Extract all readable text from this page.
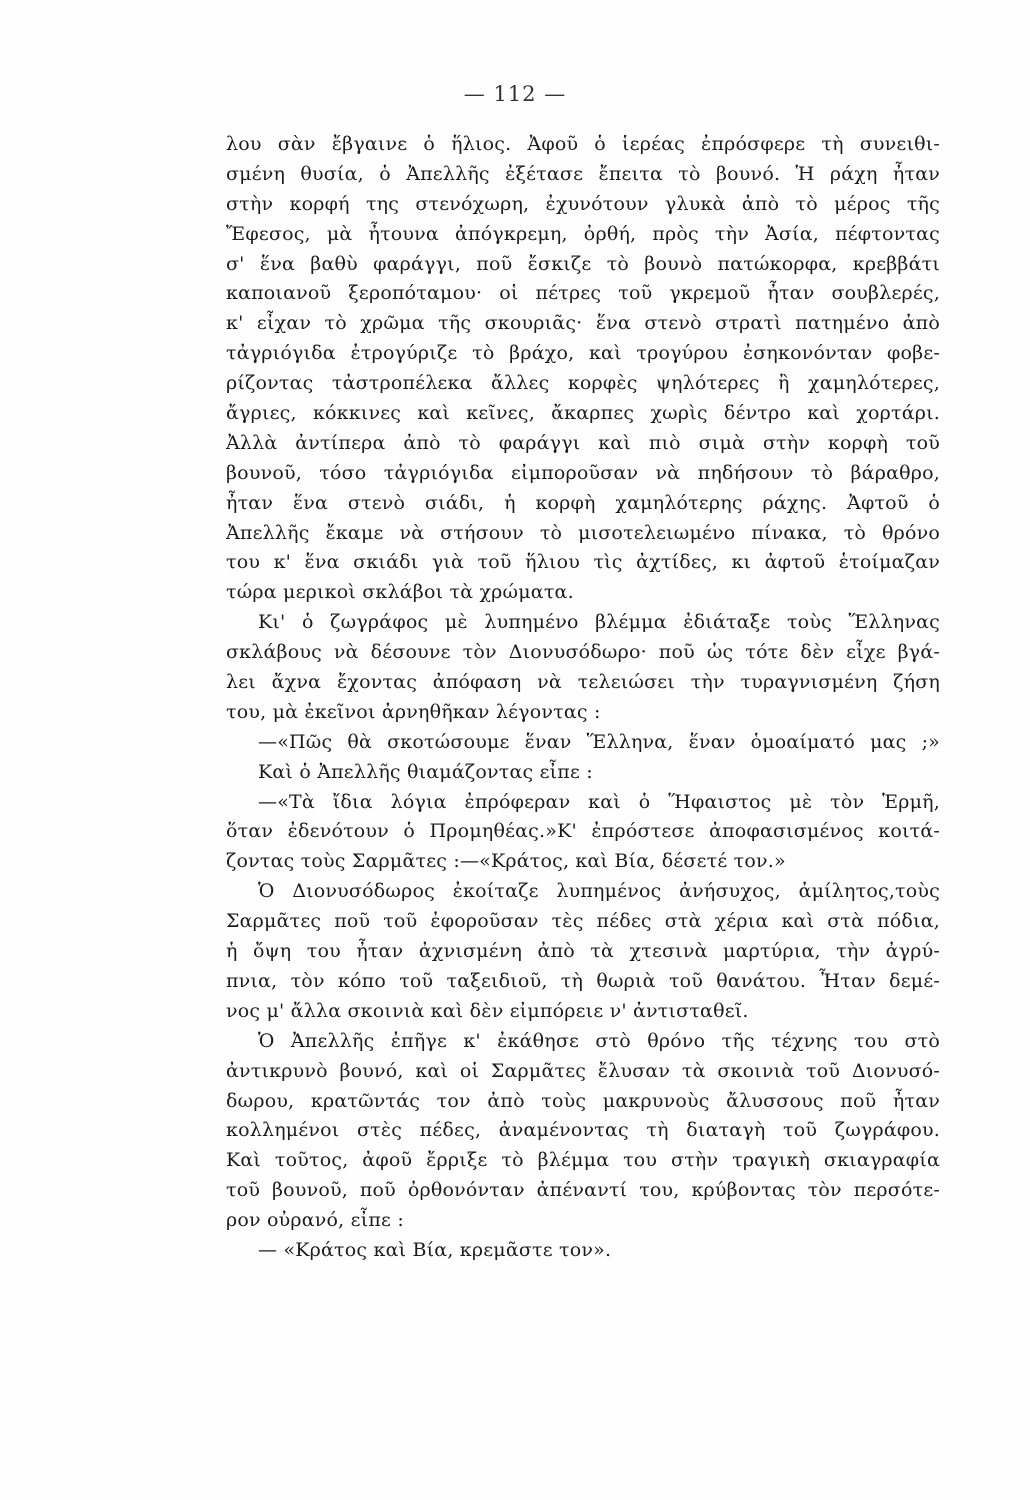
— 112 —
λου σὰν ἔβγαινε ὁ ἥλιος. Ἀφοῦ ὁ ἱερέας ἐπρόσφερε τὴ συνειθι-
σμένη θυσία, ὁ Ἀπελλῆς ἐξέτασε ἔπειτα τὸ βουνό. Ἡ ράχη ἦταν
στὴν κορφή της στενόχωρη, ἐχυνότουν γλυκὰ ἀπὸ τὸ μέρος τῆς
Ἔφεσος, μὰ ἦτουνα ἀπόγκρεμη, ὀρθή, πρὸς τὴν Ἀσία, πέφτοντας
σ' ἕνα βαθὺ φαράγγι, ποῦ ἔσκιζε τὸ βουνὸ πατώκορφα, κρεββάτι
καποιανοῦ ξεροπόταμου· οἱ πέτρες τοῦ γκρεμοῦ ἦταν σουβλερές,
κ' εἶχαν τὸ χρῶμα τῆς σκουριᾶς· ἕνα στενὸ στρατὶ πατημένο ἀπὸ
τἀγριόγιδα ἐτρογύριζε τὸ βράχο, καὶ τρογύρου ἐσηκονόνταν φοβε-
ρίζοντας τἀστροπέλεκα ἄλλες κορφὲς ψηλότερες ἢ χαμηλότερες,
ἄγριες, κόκκινες καὶ κεῖνες, ἄκαρπες χωρὶς δέντρο καὶ χορτάρι.
Ἀλλὰ ἀντίπερα ἀπὸ τὸ φαράγγι καὶ πιὸ σιμὰ στὴν κορφὴ τοῦ
βουνοῦ, τόσο τἀγριόγιδα εἰμποροῦσαν νὰ πηδήσουν τὸ βάραθρο,
ἦταν ἕνα στενὸ σιάδι, ἡ κορφὴ χαμηλότερης ράχης. Ἀφτοῦ ὁ
Ἀπελλῆς ἔκαμε νὰ στήσουν τὸ μισοτελειωμένο πίνακα, τὸ θρόνο
του κ' ἕνα σκιάδι γιὰ τοῦ ἥλιου τὶς ἀχτίδες, κι ἀφτοῦ ἑτοίμαζαν
τώρα μερικοὶ σκλάβοι τὰ χρώματα.
Κι' ὁ ζωγράφος μὲ λυπημένο βλέμμα ἐδιάταξε τοὺς Ἕλληνας
σκλάβους νὰ δέσουνε τὸν Διονυσόδωρο· ποῦ ὡς τότε δὲν εἶχε βγά-
λει ἄχνα ἔχοντας ἀπόφαση νὰ τελειώσει τὴν τυραγνισμένη ζήση
του, μὰ ἐκεῖνοι ἀρνηθῆκαν λέγοντας :
—«Πῶς θὰ σκοτώσουμε ἕναν Ἕλληνα, ἕναν ὁμοαίματό μας ;»
Καὶ ὁ Ἀπελλῆς θιαμάζοντας εἶπε :
—«Τὰ ἴδια λόγια ἐπρόφεραν καὶ ὁ Ἥφαιστος μὲ τὸν Ἑρμῆ,
ὅταν ἐδενότουν ὁ Προμηθέας.»Κ' ἐπρόστεσε ἀποφασισμένος κοιτά-
ζοντας τοὺς Σαρμᾶτες :—«Κράτος, καὶ Βία, δέσετέ τον.»
Ὁ Διονυσόδωρος ἐκοίταζε λυπημένος ἀνήσυχος, ἀμίλητος,τοὺς
Σαρμᾶτες ποῦ τοῦ ἐφοροῦσαν τὲς πέδες στὰ χέρια καὶ στὰ πόδια,
ἡ ὄψη του ἦταν ἀχνισμένη ἀπὸ τὰ χτεσινὰ μαρτύρια, τὴν ἀγρύ-
πνια, τὸν κόπο τοῦ ταξειδιοῦ, τὴ θωριὰ τοῦ θανάτου. Ἦταν δεμέ-
νος μ' ἄλλα σκοινιὰ καὶ δὲν εἰμπόρειε ν' ἀντισταθεῖ.
Ὁ Ἀπελλῆς ἐπῆγε κ' ἐκάθησε στὸ θρόνο τῆς τέχνης του στὸ
ἀντικρυνὸ βουνό, καὶ οἱ Σαρμᾶτες ἔλυσαν τὰ σκοινιὰ τοῦ Διονυσό-
δωρου, κρατῶντάς τον ἀπὸ τοὺς μακρυνοὺς ἄλυσσους ποῦ ἦταν
κολλημένοι στὲς πέδες, ἀναμένοντας τὴ διαταγὴ τοῦ ζωγράφου.
Καὶ τοῦτος, ἀφοῦ ἔρριξε τὸ βλέμμα του στὴν τραγικὴ σκιαγραφία
τοῦ βουνοῦ, ποῦ ὀρθονόνταν ἀπέναντί του, κρύβοντας τὸν περσότε-
ρον οὐρανό, εἶπε :
— «Κράτος καὶ Βία, κρεμᾶστε τον».
